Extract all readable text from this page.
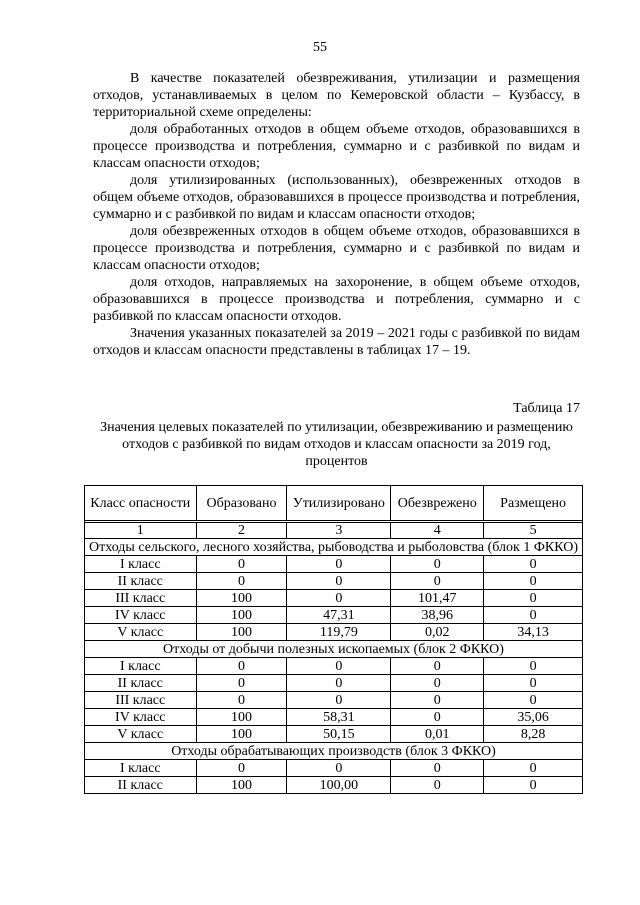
55

В качестве показателей обезвреживания, утилизации и размещения отходов, устанавливаемых в целом по Кемеровской области – Кузбассу, в территориальной схеме определены:

доля обработанных отходов в общем объеме отходов, образовавшихся в процессе производства и потребления, суммарно и с разбивкой по видам и классам опасности отходов;

доля утилизированных (использованных), обезвреженных отходов в общем объеме отходов, образовавшихся в процессе производства и потребления, суммарно и с разбивкой по видам и классам опасности отходов;

доля обезвреженных отходов в общем объеме отходов, образовавшихся в процессе производства и потребления, суммарно и с разбивкой по видам и классам опасности отходов;

доля отходов, направляемых на захоронение, в общем объеме отходов, образовавшихся в процессе производства и потребления, суммарно и с разбивкой по классам опасности отходов.

Значения указанных показателей за 2019 – 2021 годы с разбивкой по видам отходов и классам опасности представлены в таблицах 17 – 19.

Таблица 17
Значения целевых показателей по утилизации, обезвреживанию и размещению отходов с разбивкой по видам отходов и классам опасности за 2019 год, процентов
Класс опасности	Образовано	Утилизировано	Обезврежено	Размещено

1	2	3	4	5
Отходы сельского, лесного хозяйства, рыбоводства и рыболовства (блок 1 ФККО)				
I класс	0	0	0	0
II класс	0	0	0	0
III класс	100	0	101,47	0
IV класс	100	47,31	38,96	0
V класс	100	119,79	0,02	34,13
Отходы от добычи полезных ископаемых (блок 2 ФККО)				
I класс	0	0	0	0
II класс	0	0	0	0
III класс	0	0	0	0
IV класс	100	58,31	0	35,06
V класс	100	50,15	0,01	8,28
Отходы обрабатывающих производств (блок 3 ФККО)				
I класс	0	0	0	0
II класс	100	100,00	0	0
